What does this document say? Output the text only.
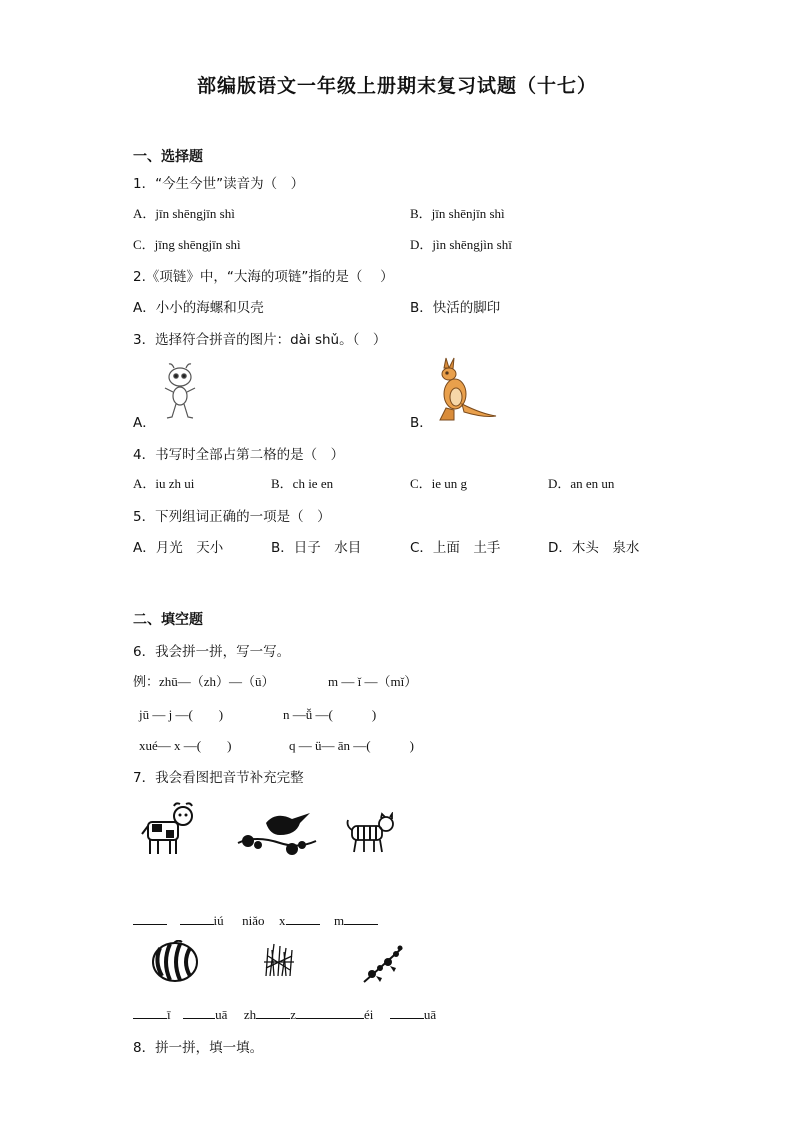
部编版语文一年级上册期末复习试题（十七）
一、选择题
1．“今生今世”读音为（　）
A．jīn shēngjīn shì	B．jīn shēnjīn shì
C．jīng shēngjīn shì	D．jìn shēngjìn shī
2.《项链》中，“大海的项链”指的是（　 ）
A．小小的海螺和贝壳	B．快活的脚印
3．选择符合拼音的图片：dài shǔ。（　）
A．	B．
4．书写时全部占第二格的是（　）
A．iu zh ui	B．ch ie en	C．ie un g	D．an en un
5．下列组词正确的一项是（　）
A．月光　天小	B．日子　水目	C．上面　土手	D．木头　泉水
二、填空题
6．我会拼一拼，写一写。
例：zhū—（zh）—（ū）	m — ǐ —（mǐ）
jū — j —(　　)	n —ǚ —(　　　)
xué— x —(　　)	q — ü— ān —(　　　)
7．我会看图把音节补充完整
iú niǎo x	m
ī	uā zh	z	éi	uā
8．拼一拼，填一填。
